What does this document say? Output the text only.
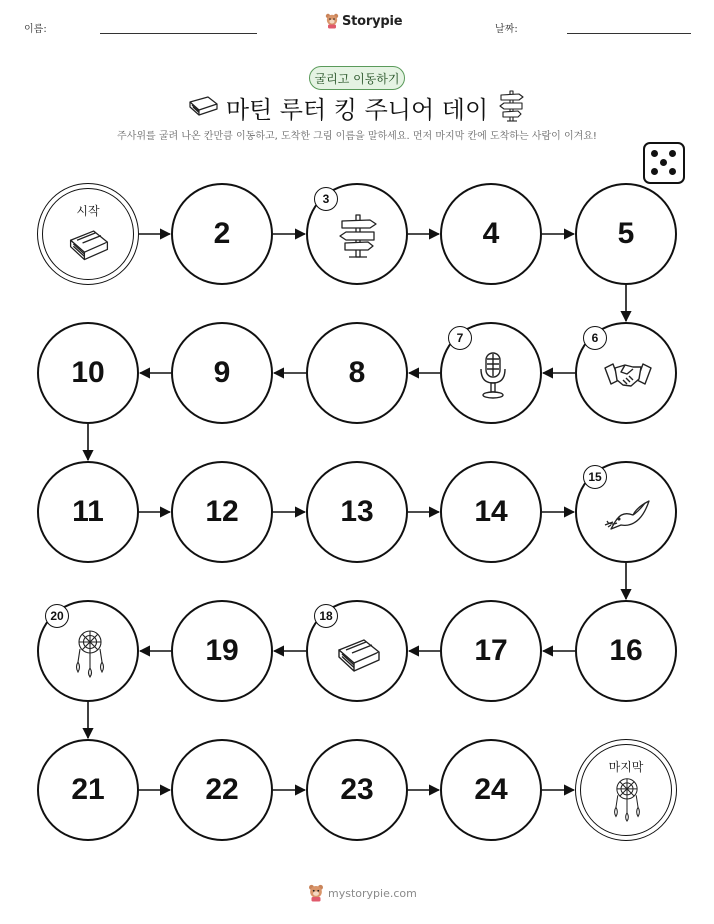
이름:
Storypie
날짜:
굴리고 이동하기
마틴 루터 킹 주니어 데이
주사위를 굴려 나온 칸만큼 이동하고, 도착한 그림 이름을 말하세요. 먼저 마지막 칸에 도착하는 사람이 이겨요!
시작
2
3
4	5
6
7
8
9
10
11	12	13	14
15
16
17
18
19
20
21	22	23	24
마지막
mystorypie.com
